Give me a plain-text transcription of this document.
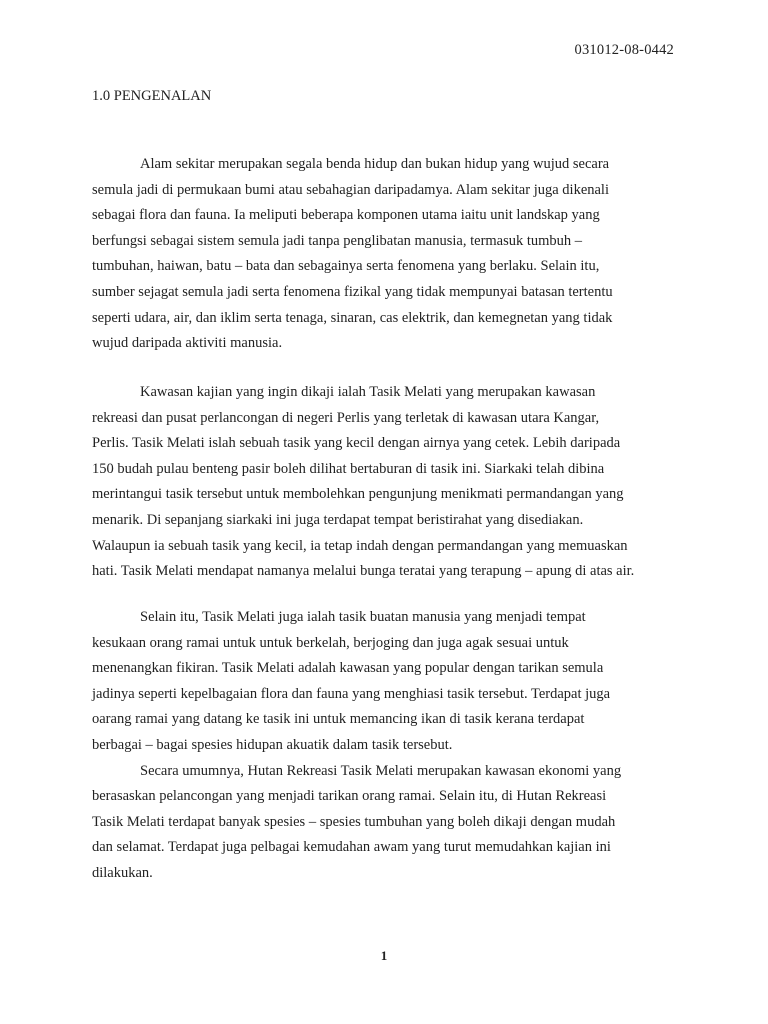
031012-08-0442
1.0 PENGENALAN

Alam sekitar merupakan segala benda hidup dan bukan hidup yang wujud secara
semula jadi di permukaan bumi atau sebahagian daripadamya. Alam sekitar juga dikenali
sebagai flora dan fauna. Ia meliputi beberapa komponen utama iaitu unit landskap yang
berfungsi sebagai sistem semula jadi tanpa penglibatan manusia, termasuk tumbuh –
tumbuhan, haiwan, batu – bata dan sebagainya serta fenomena yang berlaku. Selain itu,
sumber sejagat semula jadi serta fenomena fizikal yang tidak mempunyai batasan tertentu
seperti udara, air, dan iklim serta tenaga, sinaran, cas elektrik, dan kemegnetan yang tidak
wujud daripada aktiviti manusia.

Kawasan kajian yang ingin dikaji ialah Tasik Melati yang merupakan kawasan
rekreasi dan pusat perlancongan di negeri Perlis yang terletak di kawasan utara Kangar,
Perlis. Tasik Melati islah sebuah tasik yang kecil dengan airnya yang cetek. Lebih daripada
150 budah pulau benteng pasir boleh dilihat bertaburan di tasik ini. Siarkaki telah dibina
merintangui tasik tersebut untuk membolehkan pengunjung menikmati permandangan yang
menarik. Di sepanjang siarkaki ini juga terdapat tempat beristirahat yang disediakan.
Walaupun ia sebuah tasik yang kecil, ia tetap indah dengan permandangan yang memuaskan
hati. Tasik Melati mendapat namanya melalui bunga teratai yang terapung – apung di atas air.

Selain itu, Tasik Melati juga ialah tasik buatan manusia yang menjadi tempat
kesukaan orang ramai untuk untuk berkelah, berjoging dan juga agak sesuai untuk
menenangkan fikiran. Tasik Melati adalah kawasan yang popular dengan tarikan semula
jadinya seperti kepelbagaian flora dan fauna yang menghiasi tasik tersebut. Terdapat juga
oarang ramai yang datang ke tasik ini untuk memancing ikan di tasik kerana terdapat
berbagai – bagai spesies hidupan akuatik dalam tasik tersebut.

Secara umumnya, Hutan Rekreasi Tasik Melati merupakan kawasan ekonomi yang
berasaskan pelancongan yang menjadi tarikan orang ramai. Selain itu, di Hutan Rekreasi
Tasik Melati terdapat banyak spesies – spesies tumbuhan yang boleh dikaji dengan mudah
dan selamat. Terdapat juga pelbagai kemudahan awam yang turut memudahkan kajian ini
dilakukan.

1
